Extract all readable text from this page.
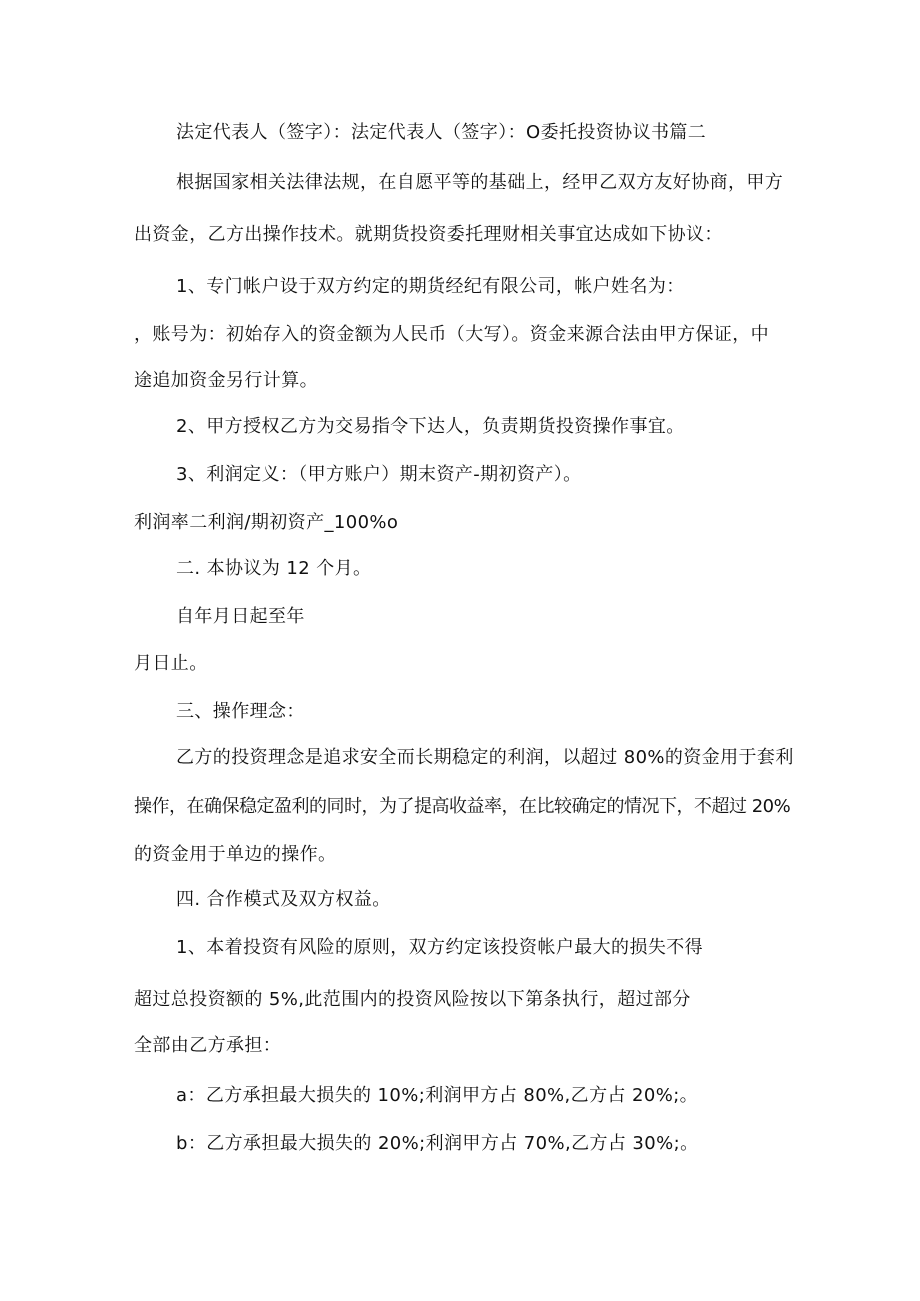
法定代表人（签字）：法定代表人（签字）：O委托投资协议书篇二
根据国家相关法律法规，在自愿平等的基础上，经甲乙双方友好协商，甲方
出资金，乙方出操作技术。就期货投资委托理财相关事宜达成如下协议：
1、专门帐户设于双方约定的期货经纪有限公司，帐户姓名为：
，账号为：初始存入的资金额为人民币（大写）。资金来源合法由甲方保证，中
途追加资金另行计算。
2、甲方授权乙方为交易指令下达人，负责期货投资操作事宜。
3、利润定义：（甲方账户）期末资产-期初资产）。
利润率二利润/期初资产_100%o
二. 本协议为 12 个月。
自年月日起至年
月日止。
三、操作理念：
乙方的投资理念是追求安全而长期稳定的利润，以超过 80%的资金用于套利
操作，在确保稳定盈利的同时，为了提高收益率，在比较确定的情况下，不超过 20%
的资金用于单边的操作。
四. 合作模式及双方权益。
1、本着投资有风险的原则，双方约定该投资帐户最大的损失不得
超过总投资额的 5%,此范围内的投资风险按以下第条执行，超过部分
全部由乙方承担：
a：乙方承担最大损失的 10%;利润甲方占 80%,乙方占 20%;。
b：乙方承担最大损失的 20%;利润甲方占 70%,乙方占 30%;。
